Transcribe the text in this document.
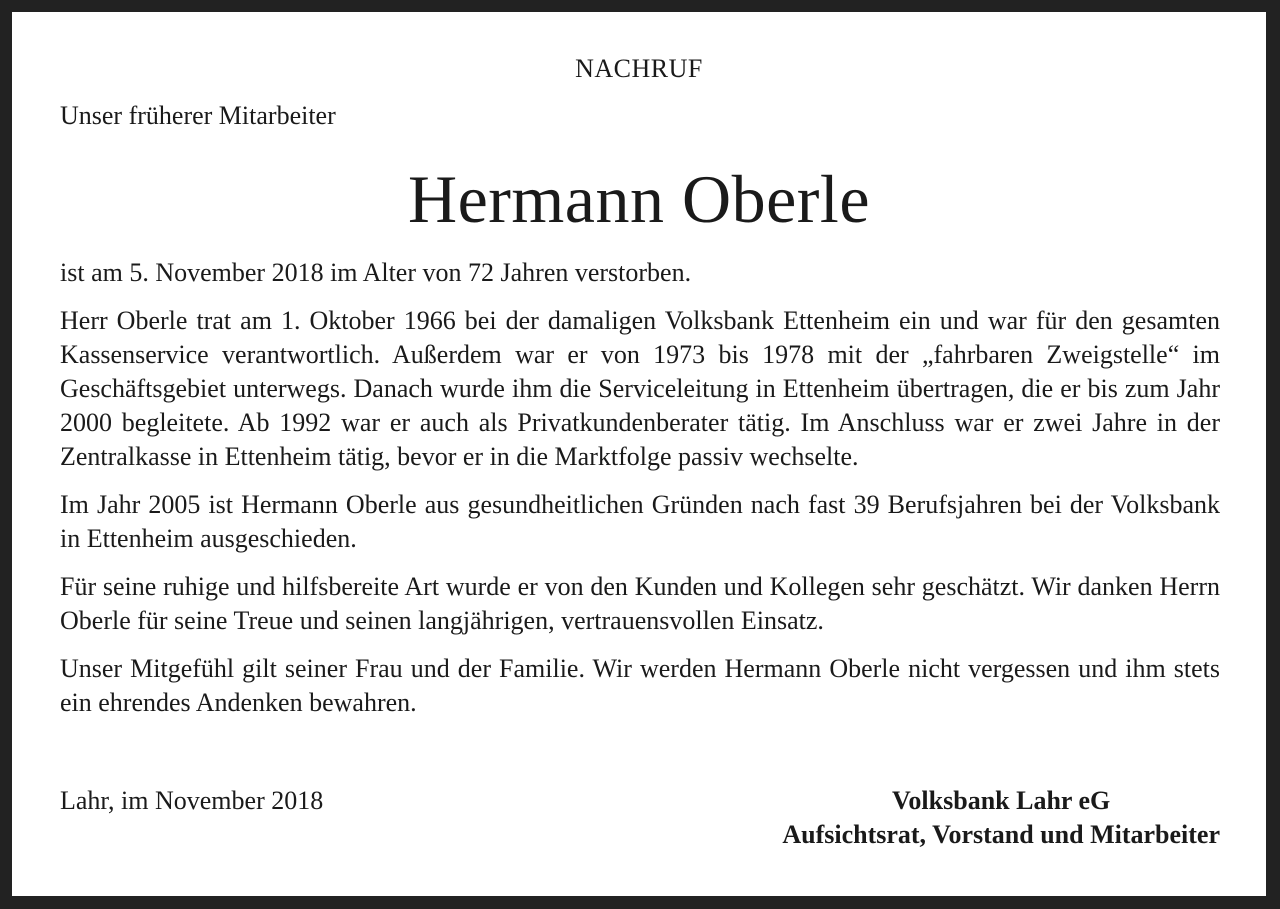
NACHRUF
Unser früherer Mitarbeiter
Hermann Oberle

ist am 5. November 2018 im Alter von 72 Jahren verstorben.

Herr Oberle trat am 1. Oktober 1966 bei der damaligen Volksbank Ettenheim ein und war für den gesamten Kassenservice verantwortlich. Außerdem war er von 1973 bis 1978 mit der „fahrbaren Zweigstelle“ im Geschäftsgebiet unterwegs. Danach wurde ihm die Serviceleitung in Ettenheim übertragen, die er bis zum Jahr 2000 begleitete. Ab 1992 war er auch als Privatkundenberater tätig. Im Anschluss war er zwei Jahre in der Zentralkasse in Ettenheim tätig, bevor er in die Marktfolge passiv wechselte.

Im Jahr 2005 ist Hermann Oberle aus gesundheitlichen Gründen nach fast 39 Berufsjahren bei der Volksbank in Ettenheim ausgeschieden.

Für seine ruhige und hilfsbereite Art wurde er von den Kunden und Kollegen sehr geschätzt. Wir danken Herrn Oberle für seine Treue und seinen langjährigen, vertrauensvollen Einsatz.

Unser Mitgefühl gilt seiner Frau und der Familie. Wir werden Hermann Oberle nicht vergessen und ihm stets ein ehrendes Andenken bewahren.

Lahr, im November 2018	Volksbank Lahr eG
Aufsichtsrat, Vorstand und Mitarbeiter
